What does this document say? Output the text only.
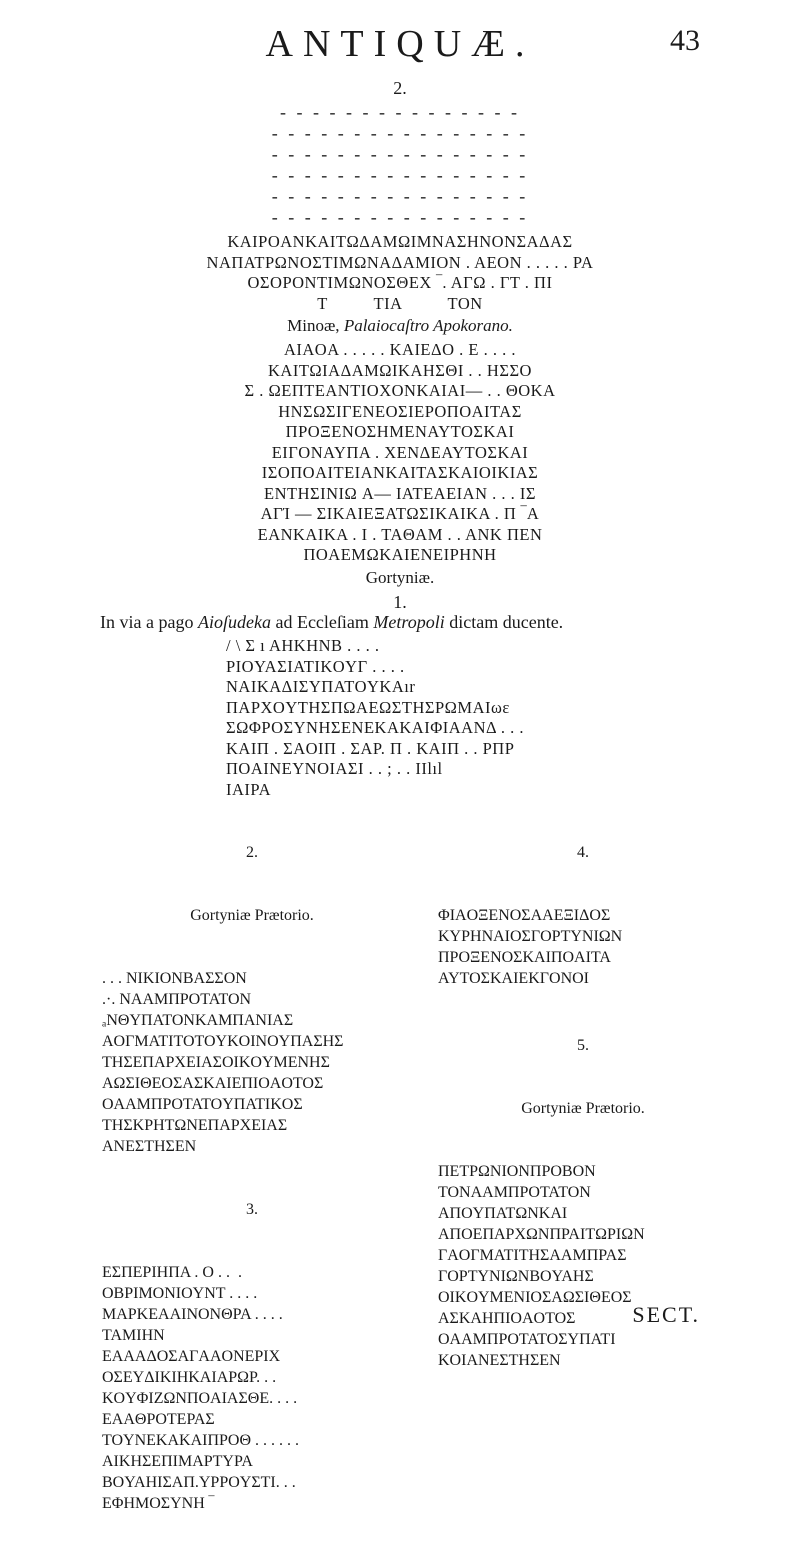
ANTIQUÆ.	43
2.
- - - - - - - - - - - - - - -
- - - - - - - - - - - - - - - -
- - - - - - - - - - - - - - - -
- - - - - - - - - - - - - - - -
- - - - - - - - - - - - - - - -
- - - - - - - - - - - - - - - -
KAIPOANKAITΩΔAMΩIMNAΣHNONΣAΔAΣ
NAΠATPΩNOΣTIMΩNAΔAMION . AEON . . . . . PA
OΣOPONTIMΩNOΣΘEX ‾. AΓΩ . ΓT . ΠI
T          TIA          TON
Minoæ, Palaiocaſtro Apokorano.
AIAOA . . . . . KAIEΔO . E . . . .
KAITΩIAΔAMΩIKAHΣΘI . . HΣΣO
Σ . ΩEΠTEANTIOXONKAIAI— . . ΘOKA
HNΣΩΣIΓENEOΣIEPOΠOAITAΣ
ΠPOΞENOΣHMENAYTOΣKAI
EIΓONAYΠA . XENΔEAYTOΣKAI
IΣOΠOAITEIANKAITAΣKAIOIKIAΣ
ENTHΣINIΩ A— IATEAEIAN . . . IΣ
AΓΊ — ΣIKAIEΞATΩΣIKAIKA . Π ‾A
EANKAIKA . I . TAΘAM . . ANK ΠEN
ΠOAEMΩKAIENEIPHNH
Gortyniæ.
1.
In via a pago Aioſudeka ad Eccleſiam Metropoli dictam ducente.
/ \ Σ ı AHKHNB . . . .
PIOYAΣIATIKOYΓ . . . .
NAIKAΔIΣYΠATOYKAır
ΠAPXOYTHΣΠΩAEΩΣTHΣPΩMAIωε
ΣΩΦPOΣYNHΣENEKAKAIΦIAANΔ . . .
KAIΠ . ΣAOIΠ . ΣAP. Π . KAIΠ . . PΠP
ΠOAINEYNOIAΣI . . ; . . IIlıl
IAIPA

2.

Gortyniæ Prætorio.

. . . NIKIONBAΣΣON
.·. NAAMΠPOTATON
ₐNΘYΠATONKAMΠANIAΣ
AOΓMATITOTOYKOINOYΠAΣHΣ
THΣEΠAPXEIAΣOIKOYMENHΣ
AΩΣIΘEOΣAΣKAIEΠIOAOTOΣ
OAAMΠPOTATOYΠATIKOΣ
THΣKPHTΩNEΠAPXEIAΣ
ANEΣTHΣEN

3.

EΣΠEPIHΠA . O . .  .
OBPIMONIOYNT . . . .
MAPKEAAINONΘPA . . . .
TAMIHN
EAAAΔOΣAΓAAONEPIX
OΣEYΔIKIHKAIAPΩP. . .
KOYΦIZΩNΠOAIAΣΘE. . . .
EAAΘPOTEPAΣ
TOYNEKAKAIΠPOΘ . . . . . .
AIKHΣEΠIMAPTYPA
BOYAHIΣAΠ.YPPOYΣTI. . .
EΦHMOΣYNH ‾

4.

ΦIAOΞENOΣAAEΞIΔOΣ
KYPHNAIOΣΓOPTYNIΩN
ΠPOΞENOΣKAIΠOAITA
AYTOΣKAIEKΓONOI

5.

Gortyniæ Prætorio.

ΠETPΩNIONΠPOBON
TONAAMΠPOTATON
AΠOYΠATΩNKAI
AΠOEΠAPXΩNΠPAITΩPIΩN
ΓAOΓMATITHΣAAMΠPAΣ
ΓOPTYNIΩNBOYAHΣ
OIKOYMENIOΣAΩΣIΘEOΣ
AΣKAHΠIOAOTOΣ
OAAMΠPOTATOΣYΠATI
KOIANEΣTHΣEN

SECT.
